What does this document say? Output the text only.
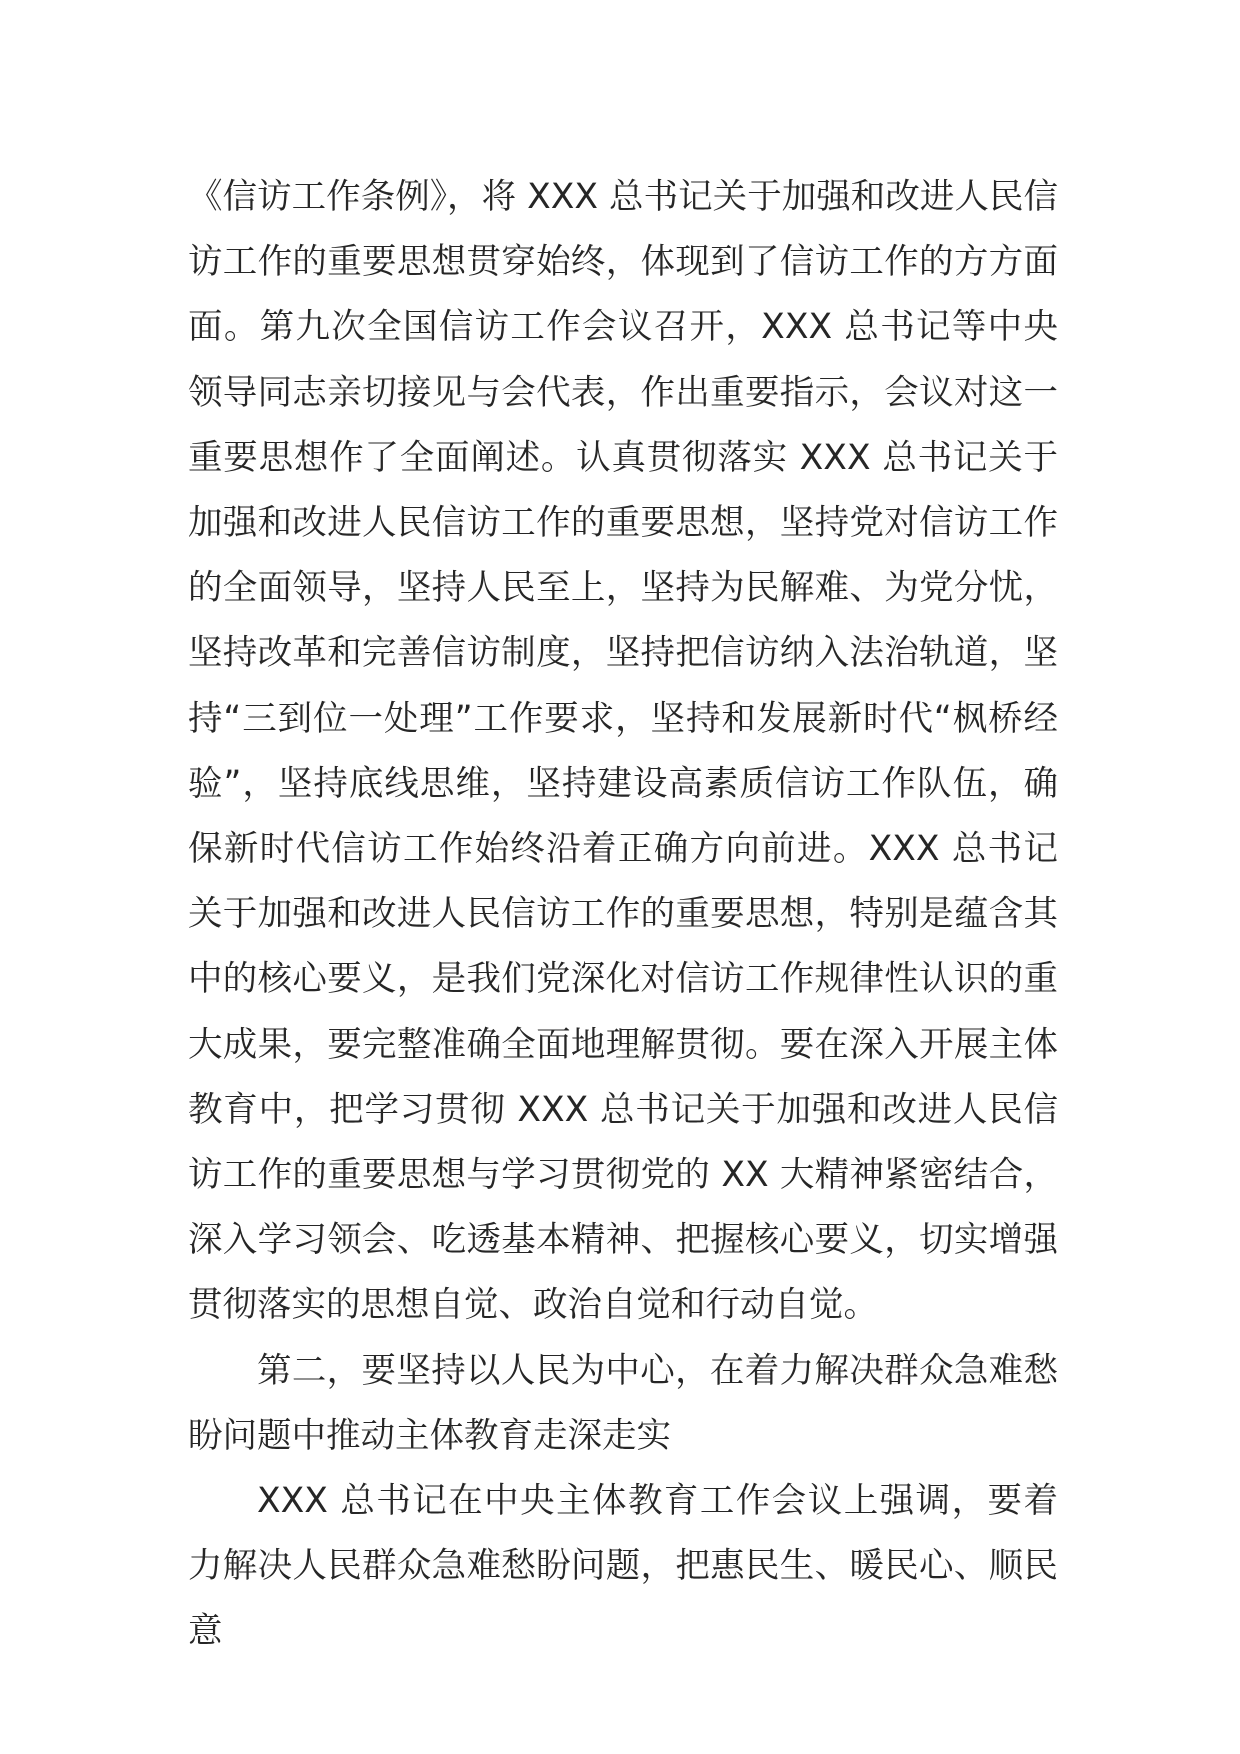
《信访工作条例》，将 XXX 总书记关于加强和改进人民信访工作的重要思想贯穿始终，体现到了信访工作的方方面面。第九次全国信访工作会议召开，XXX 总书记等中央领导同志亲切接见与会代表，作出重要指示，会议对这一重要思想作了全面阐述。认真贯彻落实 XXX 总书记关于加强和改进人民信访工作的重要思想，坚持党对信访工作的全面领导，坚持人民至上，坚持为民解难、为党分忧，坚持改革和完善信访制度，坚持把信访纳入法治轨道，坚持“三到位一处理”工作要求，坚持和发展新时代“枫桥经验”，坚持底线思维，坚持建设高素质信访工作队伍，确保新时代信访工作始终沿着正确方向前进。XXX 总书记关于加强和改进人民信访工作的重要思想，特别是蕴含其中的核心要义，是我们党深化对信访工作规律性认识的重大成果，要完整准确全面地理解贯彻。要在深入开展主体教育中，把学习贯彻 XXX 总书记关于加强和改进人民信访工作的重要思想与学习贯彻党的 XX 大精神紧密结合，深入学习领会、吃透基本精神、把握核心要义，切实增强贯彻落实的思想自觉、政治自觉和行动自觉。

第二，要坚持以人民为中心，在着力解决群众急难愁盼问题中推动主体教育走深走实

XXX 总书记在中央主体教育工作会议上强调，要着力解决人民群众急难愁盼问题，把惠民生、暖民心、顺民意
